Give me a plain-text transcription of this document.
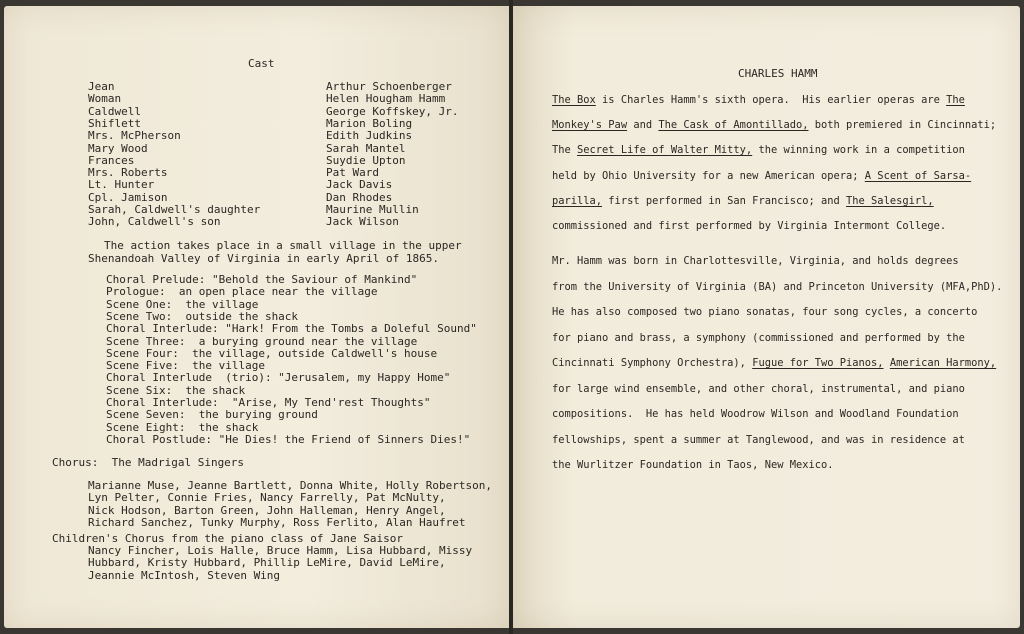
Cast
Jean	Arthur Schoenberger
Woman	Helen Hougham Hamm
Caldwell	George Koffskey, Jr.
Shiflett	Marion Boling
Mrs. McPherson	Edith Judkins
Mary Wood	Sarah Mantel
Frances	Suydie Upton
Mrs. Roberts	Pat Ward
Lt. Hunter	Jack Davis
Cpl. Jamison	Dan Rhodes
Sarah, Caldwell's daughter	Maurine Mullin
John, Caldwell's son	Jack Wilson
The action takes place in a small village in the upper
Shenandoah Valley of Virginia in early April of 1865.
Choral Prelude: "Behold the Saviour of Mankind"
Prologue:  an open place near the village
Scene One:  the village
Scene Two:  outside the shack
Choral Interlude: "Hark! From the Tombs a Doleful Sound"
Scene Three:  a burying ground near the village
Scene Four:  the village, outside Caldwell's house
Scene Five:  the village
Choral Interlude  (trio): "Jerusalem, my Happy Home"
Scene Six:  the shack
Choral Interlude:  "Arise, My Tend'rest Thoughts"
Scene Seven:  the burying ground
Scene Eight:  the shack
Choral Postlude: "He Dies! the Friend of Sinners Dies!"
Chorus:  The Madrigal Singers
Marianne Muse, Jeanne Bartlett, Donna White, Holly Robertson,
Lyn Pelter, Connie Fries, Nancy Farrelly, Pat McNulty,
Nick Hodson, Barton Green, John Halleman, Henry Angel,
Richard Sanchez, Tunky Murphy, Ross Ferlito, Alan Haufret
Children's Chorus from the piano class of Jane Saisor
Nancy Fincher, Lois Halle, Bruce Hamm, Lisa Hubbard, Missy
Hubbard, Kristy Hubbard, Phillip LeMire, David LeMire,
Jeannie McIntosh, Steven Wing
CHARLES HAMM
The Box is Charles Hamm's sixth opera.  His earlier operas are The
Monkey's Paw and The Cask of Amontillado, both premiered in Cincinnati;
The Secret Life of Walter Mitty, the winning work in a competition
held by Ohio University for a new American opera; A Scent of Sarsa-
parilla, first performed in San Francisco; and The Salesgirl,
commissioned and first performed by Virginia Intermont College.
Mr. Hamm was born in Charlottesville, Virginia, and holds degrees
from the University of Virginia (BA) and Princeton University (MFA,PhD).
He has also composed two piano sonatas, four song cycles, a concerto
for piano and brass, a symphony (commissioned and performed by the
Cincinnati Symphony Orchestra), Fugue for Two Pianos, American Harmony,
for large wind ensemble, and other choral, instrumental, and piano
compositions.  He has held Woodrow Wilson and Woodland Foundation
fellowships, spent a summer at Tanglewood, and was in residence at
the Wurlitzer Foundation in Taos, New Mexico.
